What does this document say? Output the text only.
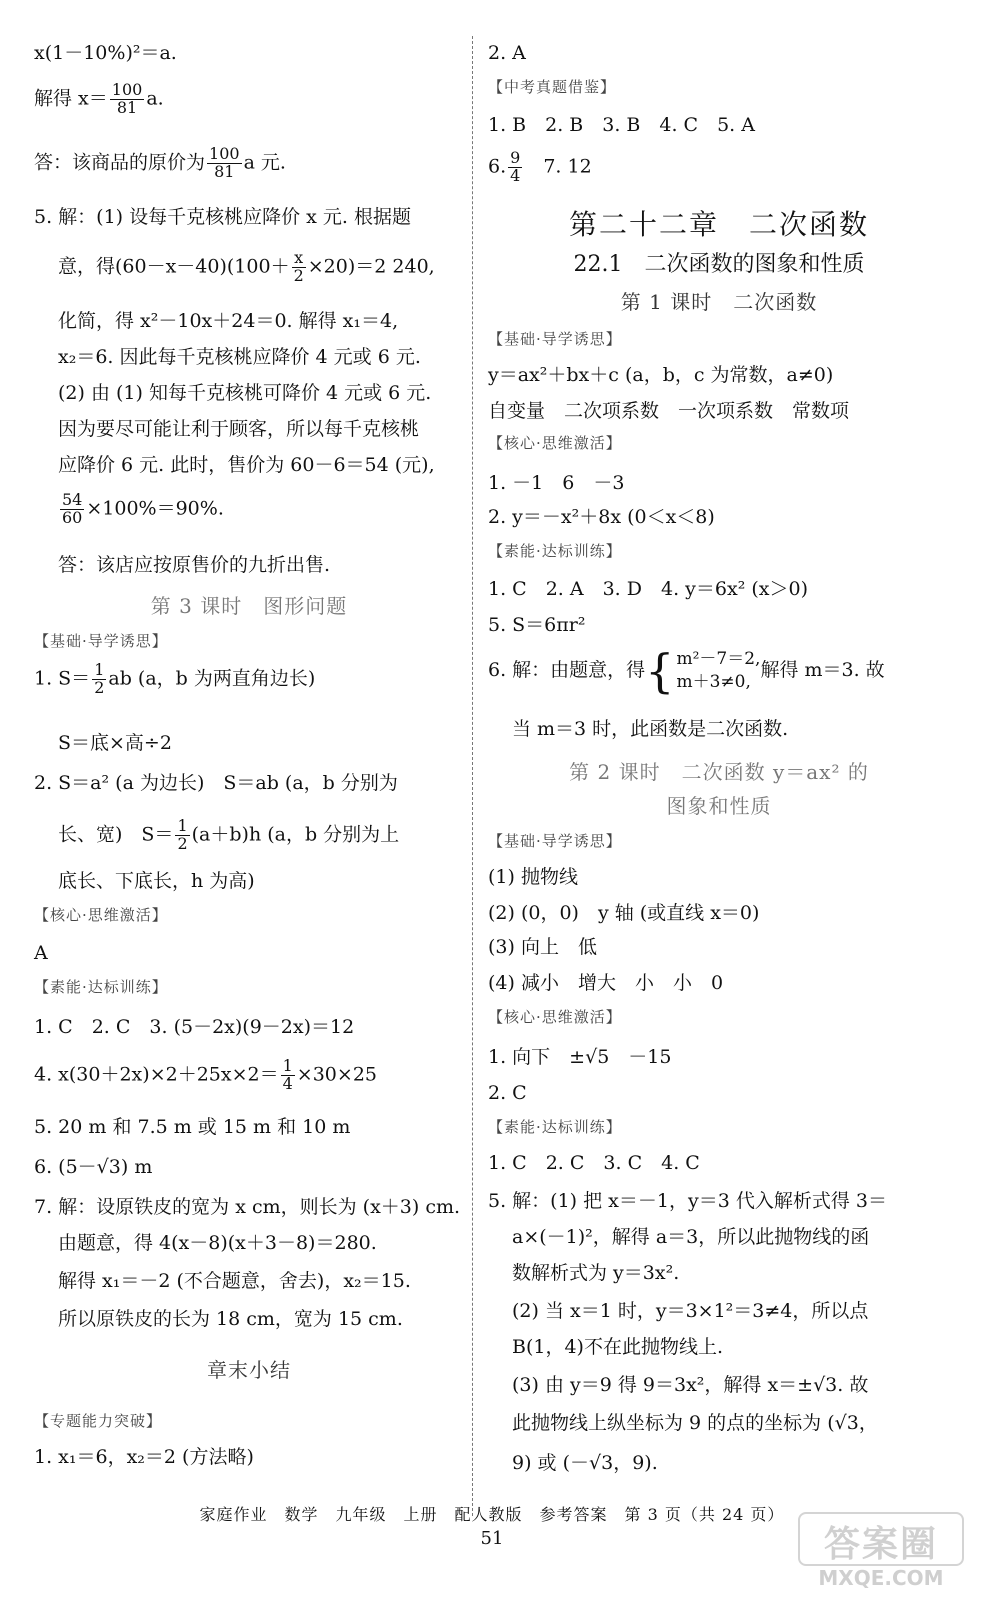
x(1－10%)²＝a.
解得 $x= \frac{100}{81} a$.
答：该商品的原价为 $\frac{100}{81}$ a 元.
5. 解：(1) 设每千克核桃应降价 x 元. 根据题
意，得$(60-x-40)(100+ \frac{x}{2} \times 20)=2$ 240,
化简，得 x²－10x＋24＝0. 解得 x₁＝4,
x₂＝6. 因此每千克核桃应降价 4 元或 6 元.
(2) 由 (1) 知每千克核桃可降价 4 元或 6 元.
因为要尽可能让利于顾客，所以每千克核桃
应降价 6 元. 此时，售价为 60－6＝54 (元),
$\frac{54}{60} \times 100\%=90\%$.
答：该店应按原售价的九折出售.
第 3 课时　图形问题
【基础·导学诱思】
1. $S= \frac{1}{2}$ ab (a，b 为两直角边长)
S＝底×高÷2
2. S＝a² (a 为边长)　S＝ab (a，b 分别为
长、宽)　$S= \frac{1}{2} (a+b)h$ (a，b 分别为上
底长、下底长，h 为高)
【核心·思维激活】
A
【素能·达标训练】
1. C　2. C　3. (5－2x)(9－2x)＝12
4. $x(30+2x)\times 2+25x\times 2= \frac{1}{4} \times 30\times 25$
5. 20 m 和 7.5 m 或 15 m 和 10 m
6. (5－√3) m
7. 解：设原铁皮的宽为 x cm，则长为 (x＋3) cm.
由题意，得 4(x－8)(x＋3－8)＝280.
解得 x₁＝－2 (不合题意，舍去)，x₂＝15.
所以原铁皮的长为 18 cm，宽为 15 cm.
章末小结
【专题能力突破】
1. x₁＝6，x₂＝2 (方法略)
2. A
【中考真题借鉴】
1. B　2. B　3. B　4. C　5. A
6. $\frac{9}{4}$ 　7. 12
第二十二章　二次函数
22.1　二次函数的图象和性质
第 1 课时　二次函数
【基础·导学诱思】
y＝ax²＋bx＋c (a，b，c 为常数，a≠0)
自变量　二次项系数　一次项系数　常数项
【核心·思维激活】
1. －1　6　－3
2. y＝－x²＋8x (0＜x＜8)
【素能·达标训练】
1. C　2. A　3. D　4. y＝6x² (x＞0)
5. S＝6πr²
6. 解：由题意，得{ m²－7＝2,
m＋3≠0,
解得 m＝3. 故
当 m＝3 时，此函数是二次函数.
第 2 课时　二次函数 y＝ax² 的
图象和性质
【基础·导学诱思】
(1) 抛物线
(2) (0，0)　y 轴 (或直线 x＝0)
(3) 向上　低
(4) 减小　增大　小　小　0
【核心·思维激活】
1. 向下　±√5　－15
2. C
【素能·达标训练】
1. C　2. C　3. C　4. C
5. 解：(1) 把 x＝－1，y＝3 代入解析式得 3＝
a×(－1)²，解得 a＝3，所以此抛物线的函
数解析式为 y＝3x².
(2) 当 x＝1 时，y＝3×1²＝3≠4，所以点
B(1，4)不在此抛物线上.
(3) 由 y＝9 得 9＝3x²，解得 x＝±√3. 故
此抛物线上纵坐标为 9 的点的坐标为 (√3，
9) 或 (－√3，9).
家庭作业　数学　九年级　上册　配人教版　参考答案　第 3 页（共 24 页）
51	答案圈
MXQE.COM
